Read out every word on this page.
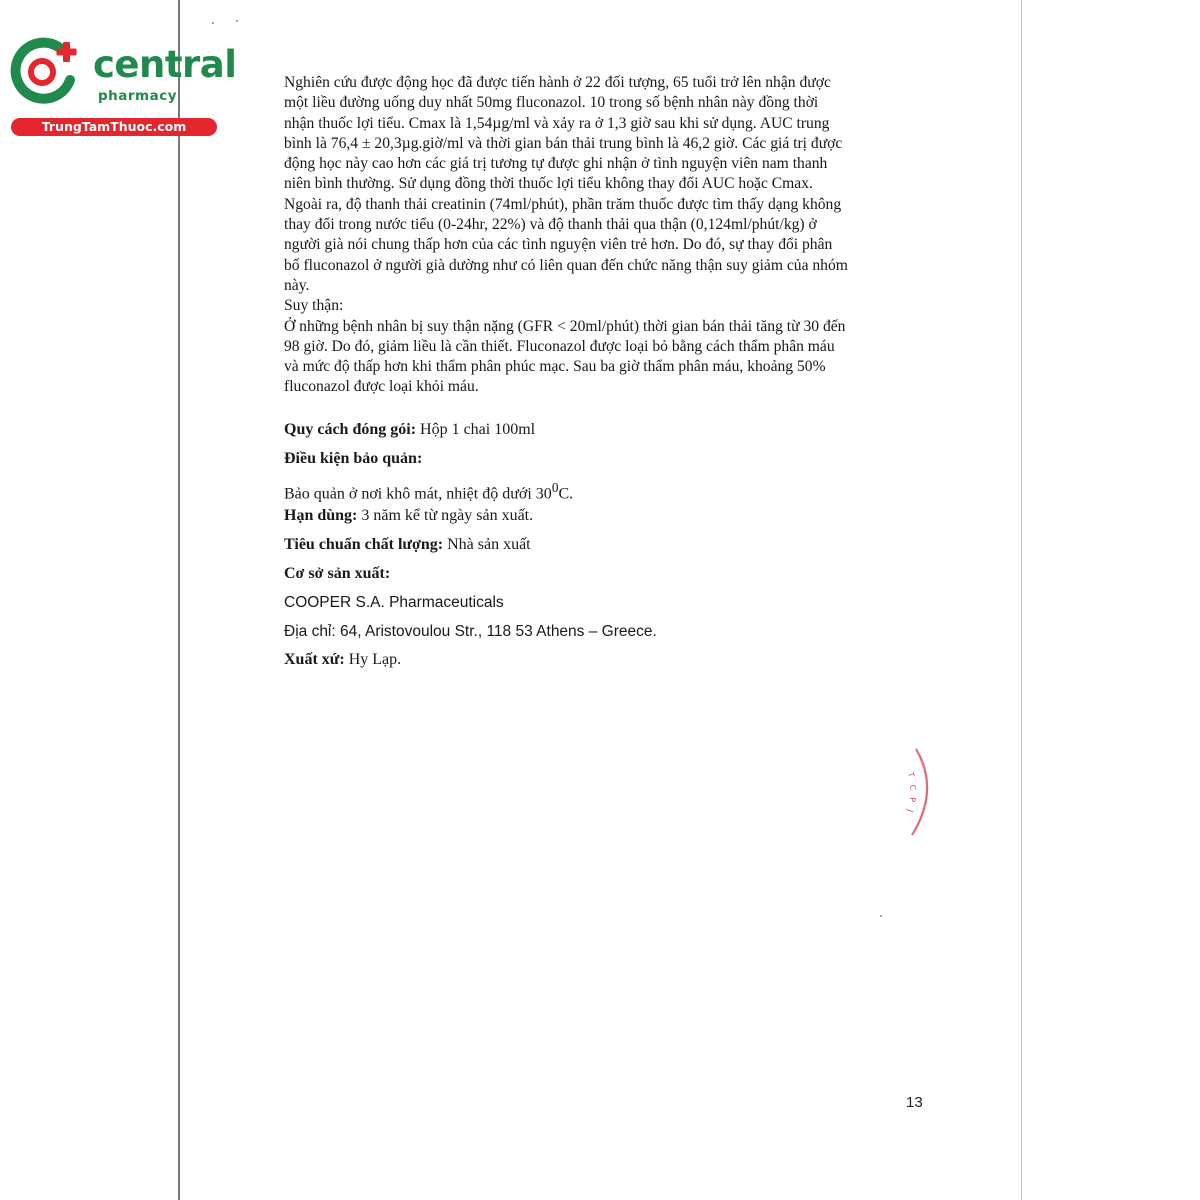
central
pharmacy
TrungTamThuoc.com

Nghiên cứu được động học đã được tiến hành ở 22 đối tượng, 65 tuổi trở lên nhận được
một liều đường uống duy nhất 50mg fluconazol. 10 trong số bệnh nhân này đồng thời
nhận thuốc lợi tiểu. Cmax là 1,54µg/ml và xảy ra ở 1,3 giờ sau khi sử dụng. AUC trung
bình là 76,4 ± 20,3µg.giờ/ml và thời gian bán thải trung bình là 46,2 giờ. Các giá trị được
động học này cao hơn các giá trị tương tự được ghi nhận ở tình nguyện viên nam thanh
niên bình thường. Sử dụng đồng thời thuốc lợi tiểu không thay đổi AUC hoặc Cmax.
Ngoài ra, độ thanh thải creatinin (74ml/phút), phần trăm thuốc được tìm thấy dạng không
thay đổi trong nước tiểu (0-24hr, 22%) và độ thanh thải qua thận (0,124ml/phút/kg) ở
người già nói chung thấp hơn của các tình nguyện viên trẻ hơn. Do đó, sự thay đổi phân
bố fluconazol ở người già dường như có liên quan đến chức năng thận suy giảm của nhóm
này.

Suy thận:

Ở những bệnh nhân bị suy thận nặng (GFR < 20ml/phút) thời gian bán thải tăng từ 30 đến
98 giờ. Do đó, giảm liều là cần thiết. Fluconazol được loại bỏ bằng cách thẩm phân máu
và mức độ thấp hơn khi thẩm phân phúc mạc. Sau ba giờ thẩm phân máu, khoảng 50%
fluconazol được loại khỏi máu.

Quy cách đóng gói: Hộp 1 chai 100ml

Điều kiện bảo quản:

Bảo quản ở nơi khô mát, nhiệt độ dưới $30^0C$.

Hạn dùng: 3 năm kể từ ngày sản xuất.

Tiêu chuẩn chất lượng: Nhà sản xuất

Cơ sở sản xuất:

COOPER S.A. Pharmaceuticals

Địa chỉ: 64, Aristovoulou Str., 118 53 Athens – Greece.

Xuất xứ: Hy Lạp.

T
C
P
J
13
